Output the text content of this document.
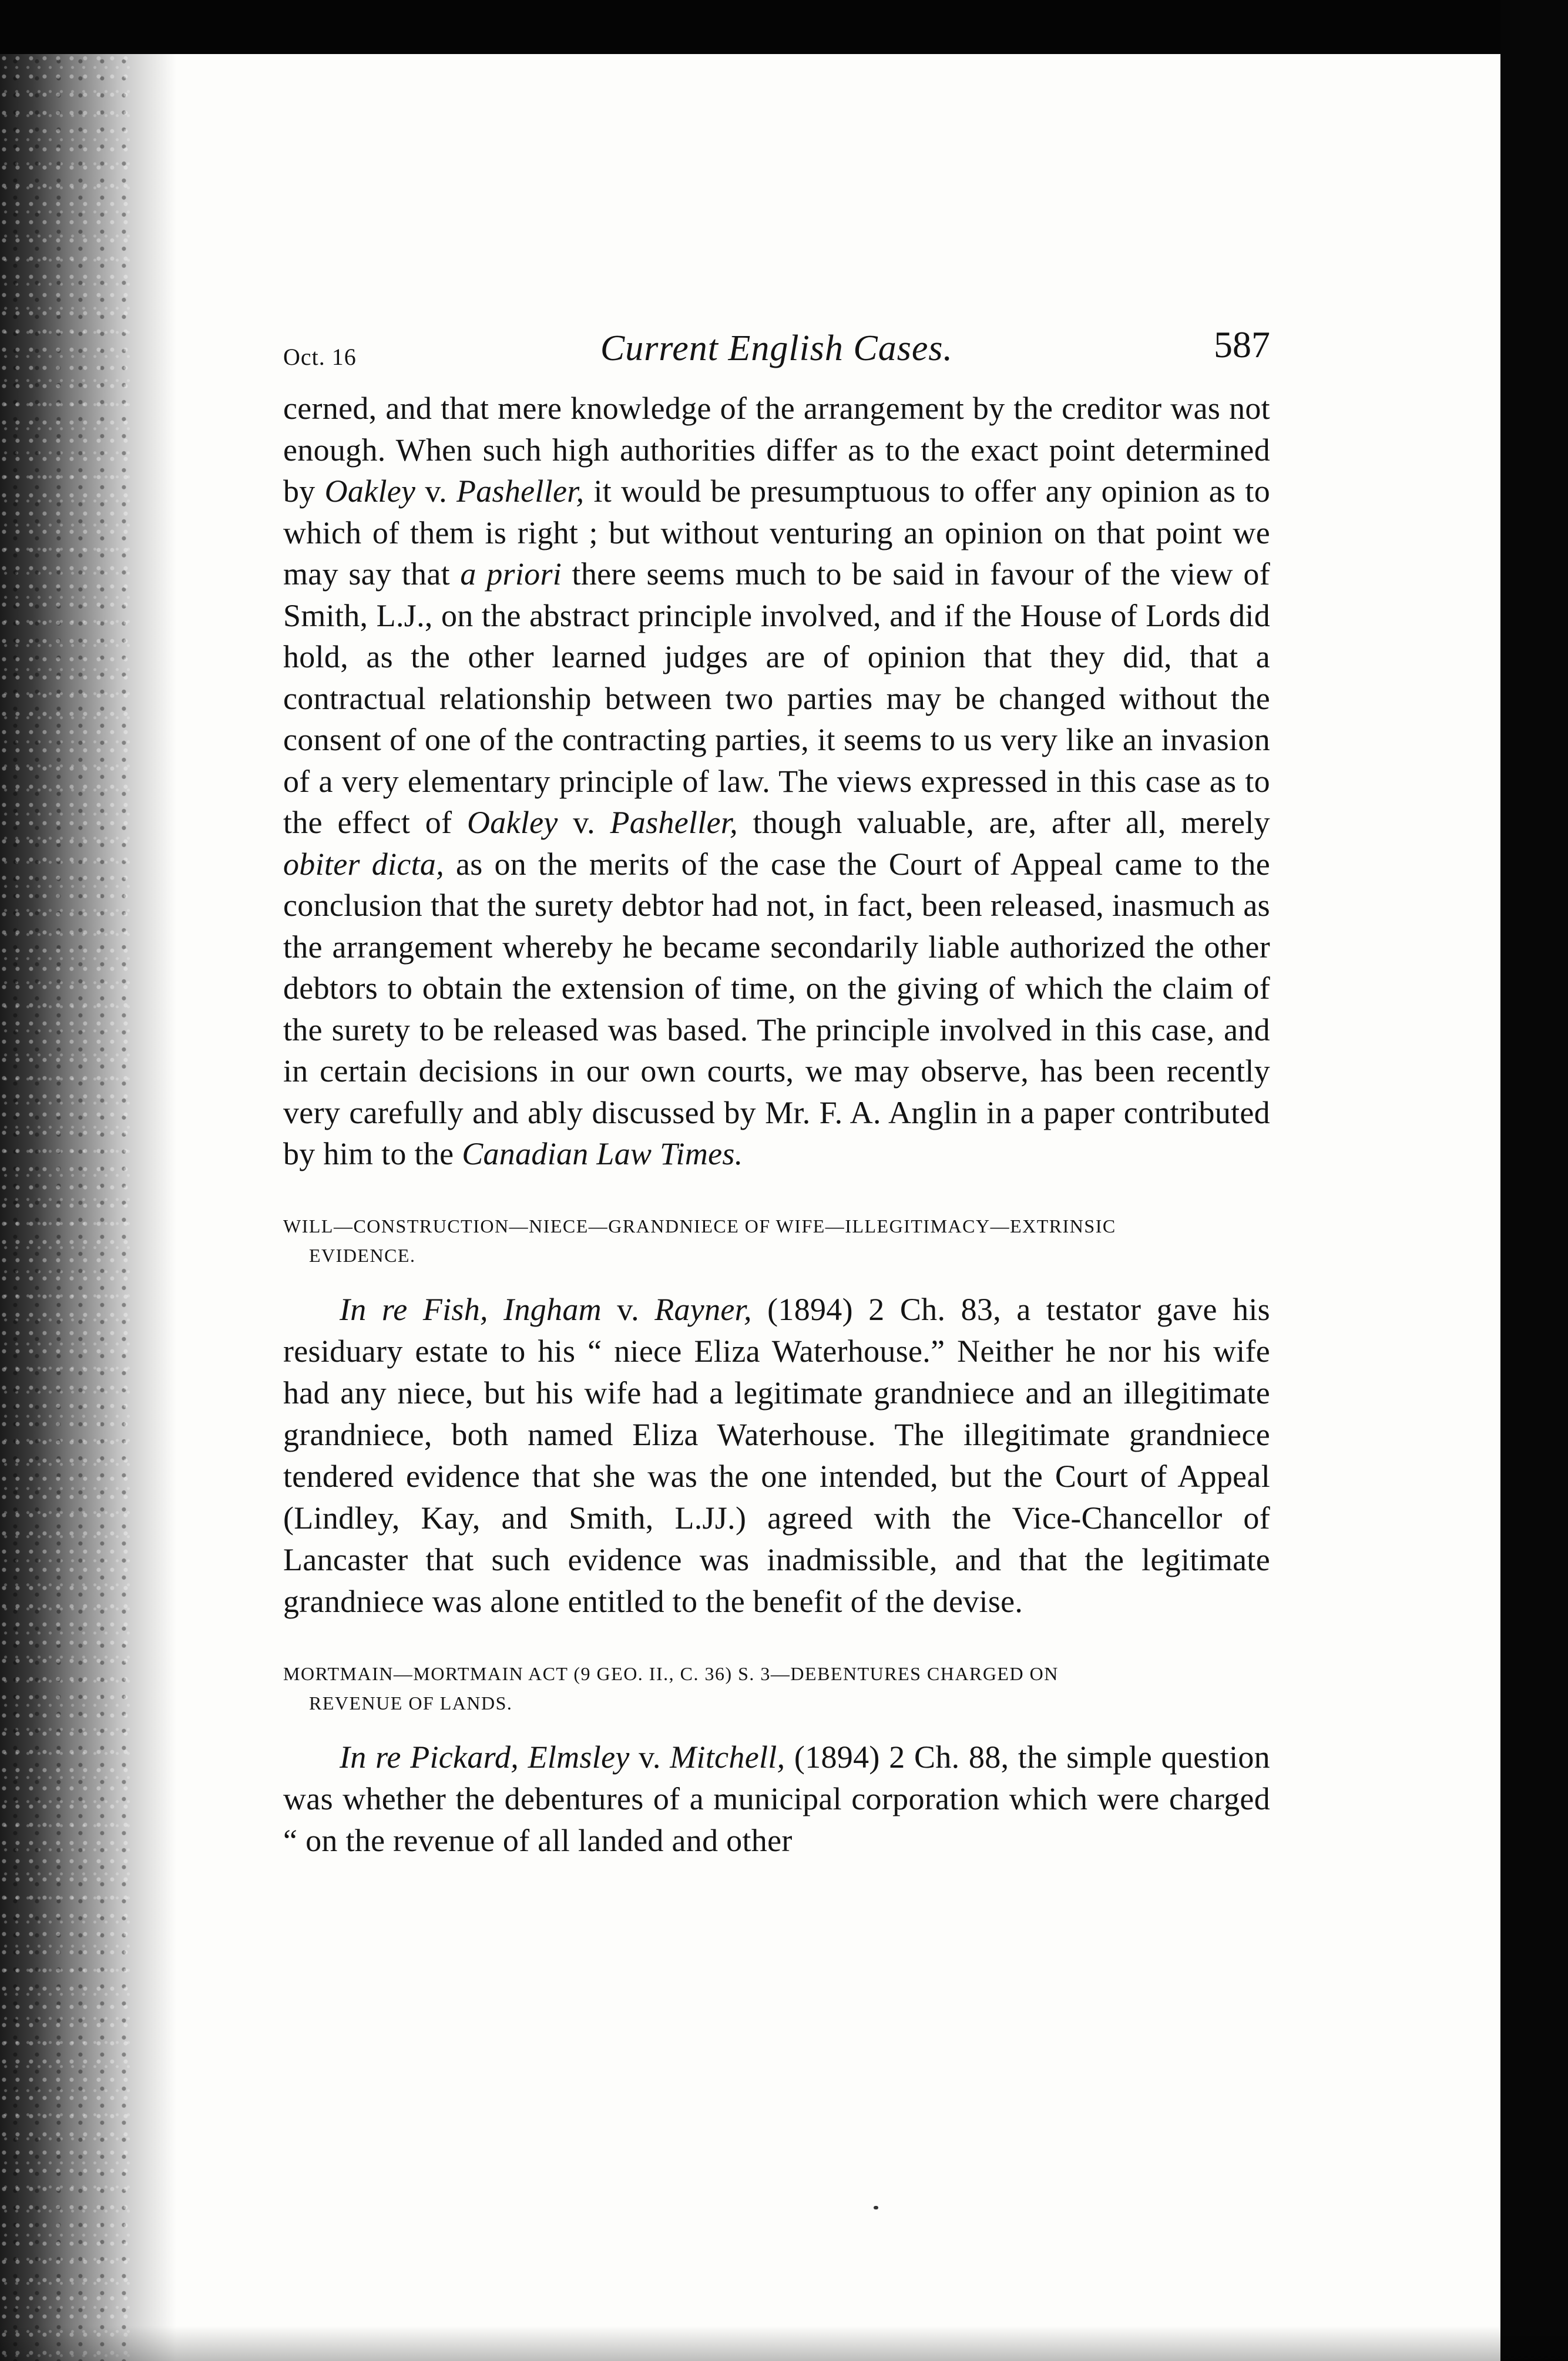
Oct. 16	Current English Cases.	587

cerned, and that mere knowledge of the arrangement by the creditor was not enough. When such high authorities differ as to the exact point determined by Oakley v. Pasheller, it would be presumptuous to offer any opinion as to which of them is right ; but without venturing an opinion on that point we may say that a priori there seems much to be said in favour of the view of Smith, L.J., on the abstract principle involved, and if the House of Lords did hold, as the other learned judges are of opinion that they did, that a contractual relationship between two parties may be changed without the consent of one of the contracting parties, it seems to us very like an invasion of a very elementary principle of law. The views expressed in this case as to the effect of Oakley v. Pasheller, though valuable, are, after all, merely obiter dicta, as on the merits of the case the Court of Appeal came to the conclusion that the surety debtor had not, in fact, been released, inasmuch as the arrangement whereby he became secondarily liable authorized the other debtors to obtain the extension of time, on the giving of which the claim of the surety to be released was based. The principle involved in this case, and in certain decisions in our own courts, we may observe, has been recently very carefully and ably discussed by Mr. F. A. Anglin in a paper contributed by him to the Canadian Law Times.

WILL—CONSTRUCTION—NIECE—GRANDNIECE OF WIFE—ILLEGITIMACY—EXTRINSIC
EVIDENCE.

In re Fish, Ingham v. Rayner, (1894) 2 Ch. 83, a testator gave his residuary estate to his “ niece Eliza Waterhouse.” Neither he nor his wife had any niece, but his wife had a legitimate grandniece and an illegitimate grandniece, both named Eliza Waterhouse. The illegitimate grandniece tendered evidence that she was the one intended, but the Court of Appeal (Lindley, Kay, and Smith, L.JJ.) agreed with the Vice-Chancellor of Lancaster that such evidence was inadmissible, and that the legitimate grandniece was alone entitled to the benefit of the devise.

MORTMAIN—MORTMAIN ACT (9 GEO. II., C. 36) S. 3—DEBENTURES CHARGED ON
REVENUE OF LANDS.

In re Pickard, Elmsley v. Mitchell, (1894) 2 Ch. 88, the simple question was whether the debentures of a municipal corporation which were charged “ on the revenue of all landed and other
